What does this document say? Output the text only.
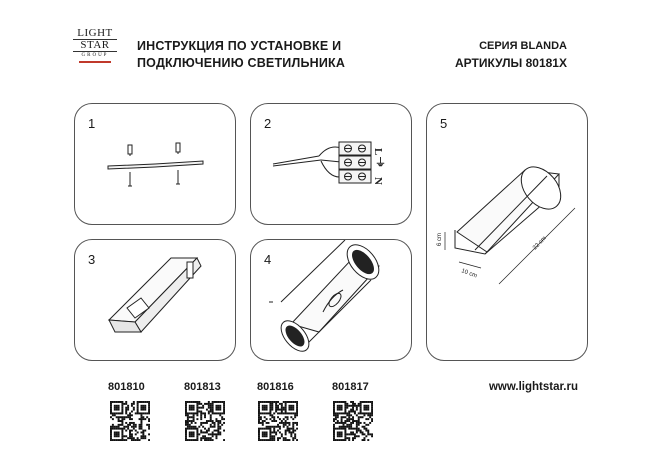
LIGHT
STAR
GROUP
ИНСТРУКЦИЯ ПО УСТАНОВКЕ И
ПОДКЛЮЧЕНИЮ СВЕТИЛЬНИКА
СЕРИЯ BLANDA
АРТИКУЛЫ 80181X
1	2
L
⏚
N
3	4
5
6 cm
10 cm
22 cm
801810	801813	801816	801817	www.lightstar.ru
